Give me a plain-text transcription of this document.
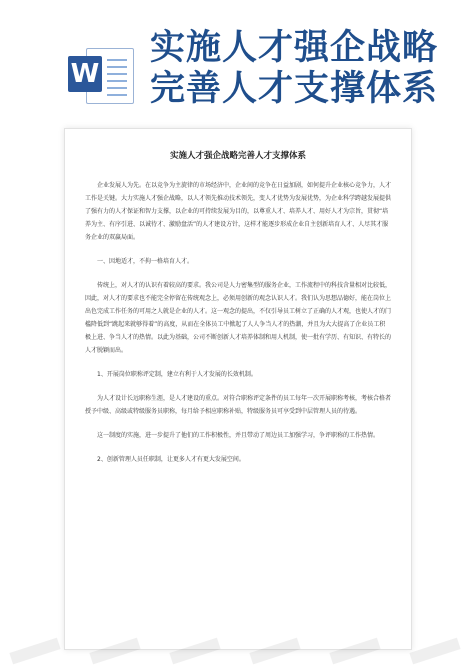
W
实施人才强企战略
完善人才支撑体系
实施人才强企战略完善人才支撑体系

企业发展人为先。在以竞争为主旋律的市场经济中，企业间的竞争在日益加剧，如何提升企业核心竞争力，人才工作是关键。大力实施人才强企战略，以人才领先推动技术领先，变人才优势为发展优势，为企业科学跨越发展提供了强有力的人才保证和智力支撑，以企业的可持续发展为目的，以尊重人才、培养人才、用好人才为宗旨，贯彻“培养为主、有序引进、以诚待才、激励盘活”的人才建设方针，这样才能逐步形成企业自主创新培育人才、人尽其才服务企业的双赢局面。

一、因地适才，不拘一格培育人才。

传统上，对人才的认识有着较高的要求。我公司是人力密集型的服务企业，工作流程中的科技含量相对比较低，因此，对人才的要求也不能完全停留在传统观念上，必须用创新的观念认识人才。我们认为思想品德好，能在岗位上出色完成工作任务的可用之人就是企业的人才。这一观念的提出，不仅引导员工树立了正确的人才观，也使人才的门槛降低到“跳起来就够得着”的高度，从而在全体员工中掀起了人人争当人才的热潮，并且为大大提高了企业员工积极上进、争当人才的热情。以此为基础，公司不断创新人才培养体制和用人机制，使一批有学历、有知识、有特长的人才脱颖而出。

1、开展岗位职称评定制，建立有利于人才发展的长效机制。

为人才设计长远职称生涯，是人才建设的重点。对符合职称评定条件的员工每年一次开展职称考核，考核合格者授予中级、高级或特级服务员职称，每月给予相应职称补贴，特级服务员可享受到中层管理人员的待遇。

这一制度的实施，进一步提升了他们的工作积极性，并且带动了周边员工加强学习，争评职称的工作热情。

2、创新管理人员任职制，让更多人才有更大发展空间。
